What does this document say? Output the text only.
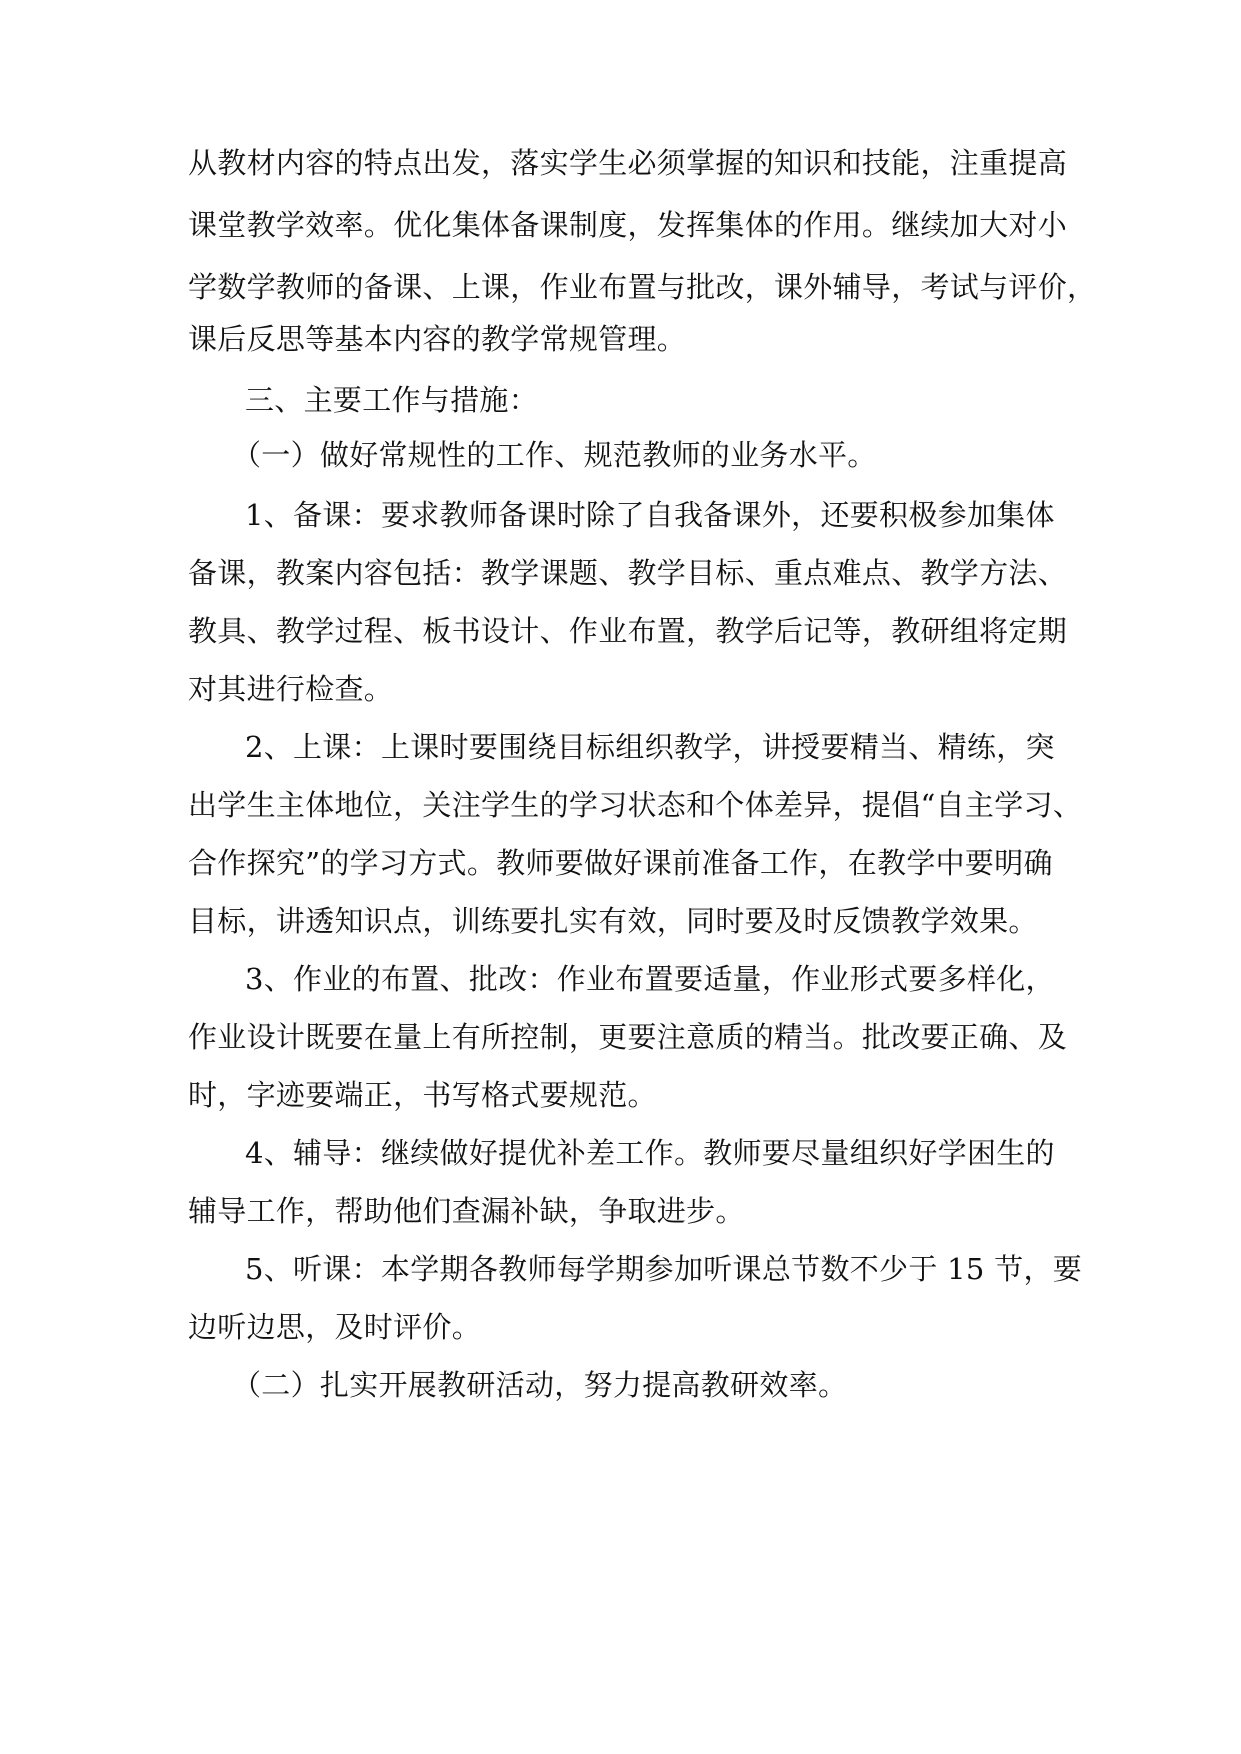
从教材内容的特点出发，落实学生必须掌握的知识和技能，注重提高
课堂教学效率。优化集体备课制度，发挥集体的作用。继续加大对小
学数学教师的备课、上课，作业布置与批改，课外辅导，考试与评价，
课后反思等基本内容的教学常规管理。
三、主要工作与措施：
（一）做好常规性的工作、规范教师的业务水平。
1、备课：要求教师备课时除了自我备课外，还要积极参加集体
备课，教案内容包括：教学课题、教学目标、重点难点、教学方法、
教具、教学过程、板书设计、作业布置，教学后记等，教研组将定期
对其进行检查。
2、上课：上课时要围绕目标组织教学，讲授要精当、精练，突
出学生主体地位，关注学生的学习状态和个体差异，提倡“自主学习、
合作探究”的学习方式。教师要做好课前准备工作，在教学中要明确
目标，讲透知识点，训练要扎实有效，同时要及时反馈教学效果。
3、作业的布置、批改：作业布置要适量，作业形式要多样化，
作业设计既要在量上有所控制，更要注意质的精当。批改要正确、及
时，字迹要端正，书写格式要规范。
4、辅导：继续做好提优补差工作。教师要尽量组织好学困生的
辅导工作，帮助他们查漏补缺，争取进步。
5、听课：本学期各教师每学期参加听课总节数不少于 15 节，要
边听边思，及时评价。
（二）扎实开展教研活动，努力提高教研效率。
